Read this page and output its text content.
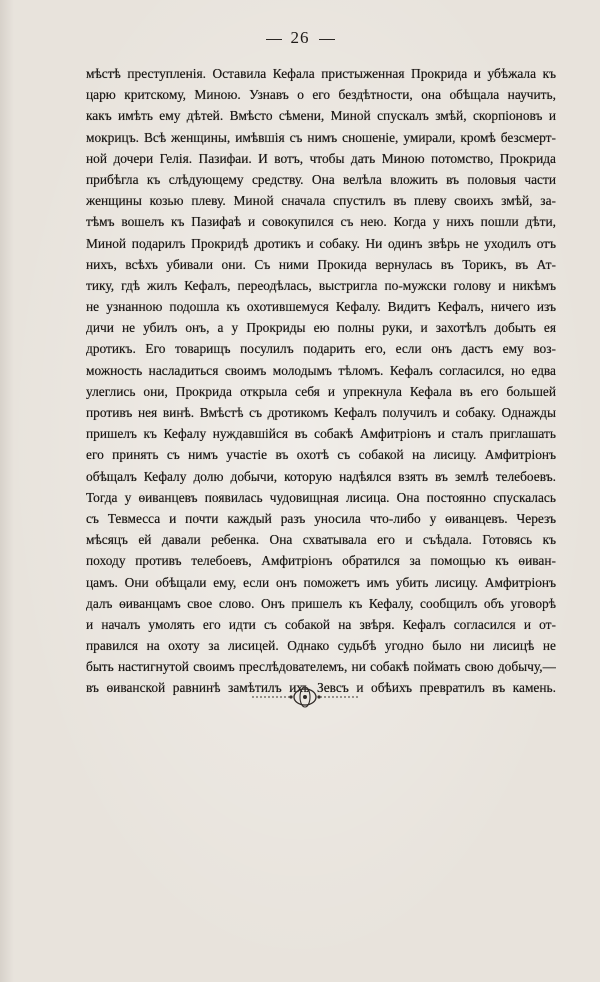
26
мѣстѣ преступленія. Оставила Кефала пристыженная Прокрида и убѣжала къ
царю критскому, Миною. Узнавъ о его бездѣтности, она обѣщала научить,
какъ имѣть ему дѣтей. Вмѣсто сѣмени, Миной спускалъ змѣй, скорпіоновъ и
мокрицъ. Всѣ женщины, имѣвшія съ нимъ сношеніе, умирали, кромѣ безсмерт-
ной дочери Гелія. Пазифаи. И вотъ, чтобы дать Миною потомство, Прокрида
прибѣгла къ слѣдующему средству. Она велѣла вложить въ половыя части
женщины козью плеву. Миной сначала спустилъ въ плеву своихъ змѣй, за-
тѣмъ вошелъ къ Пазифаѣ и совокупился съ нею. Когда у нихъ пошли дѣти,
Миной подарилъ Прокридѣ дротикъ и собаку. Ни одинъ звѣрь не уходилъ отъ
нихъ, всѣхъ убивали они. Съ ними Прокида вернулась въ Торикъ, въ Ат-
тику, гдѣ жилъ Кефалъ, переодѣлась, выстригла по-мужски голову и никѣмъ
не узнанною подошла къ охотившемуся Кефалу. Видитъ Кефалъ, ничего изъ
дичи не убилъ онъ, а у Прокриды ею полны руки, и захотѣлъ добыть ея
дротикъ. Его товарищъ посулилъ подарить его, если онъ дастъ ему воз-
можность насладиться своимъ молодымъ тѣломъ. Кефалъ согласился, но едва
улеглись они, Прокрида открыла себя и упрекнула Кефала въ его большей
противъ нея винѣ. Вмѣстѣ съ дротикомъ Кефалъ получилъ и собаку. Однажды
пришелъ къ Кефалу нуждавшійся въ собакѣ Амфитріонъ и сталъ приглашать
его принять съ нимъ участіе въ охотѣ съ собакой на лисицу. Амфитріонъ
обѣщалъ Кефалу долю добычи, которую надѣялся взять въ землѣ телебоевъ.
Тогда у ѳиванцевъ появилась чудовищная лисица. Она постоянно спускалась
съ Тевмесса и почти каждый разъ уносила что-либо у ѳиванцевъ. Черезъ
мѣсяцъ ей давали ребенка. Она схватывала его и съѣдала. Готовясь къ
походу противъ телебоевъ, Амфитріонъ обратился за помощью къ ѳиван-
цамъ. Они обѣщали ему, если онъ поможетъ имъ убить лисицу. Амфитріонъ
далъ ѳиванцамъ свое слово. Онъ пришелъ къ Кефалу, сообщилъ объ уговорѣ
и началъ умолять его идти съ собакой на звѣря. Кефалъ согласился и от-
правился на охоту за лисицей. Однако судьбѣ угодно было ни лисицѣ не
быть настигнутой своимъ преслѣдователемъ, ни собакѣ поймать свою добычу,—
въ ѳиванской равнинѣ замѣтилъ ихъ Зевсъ и обѣихъ превратилъ въ камень.
